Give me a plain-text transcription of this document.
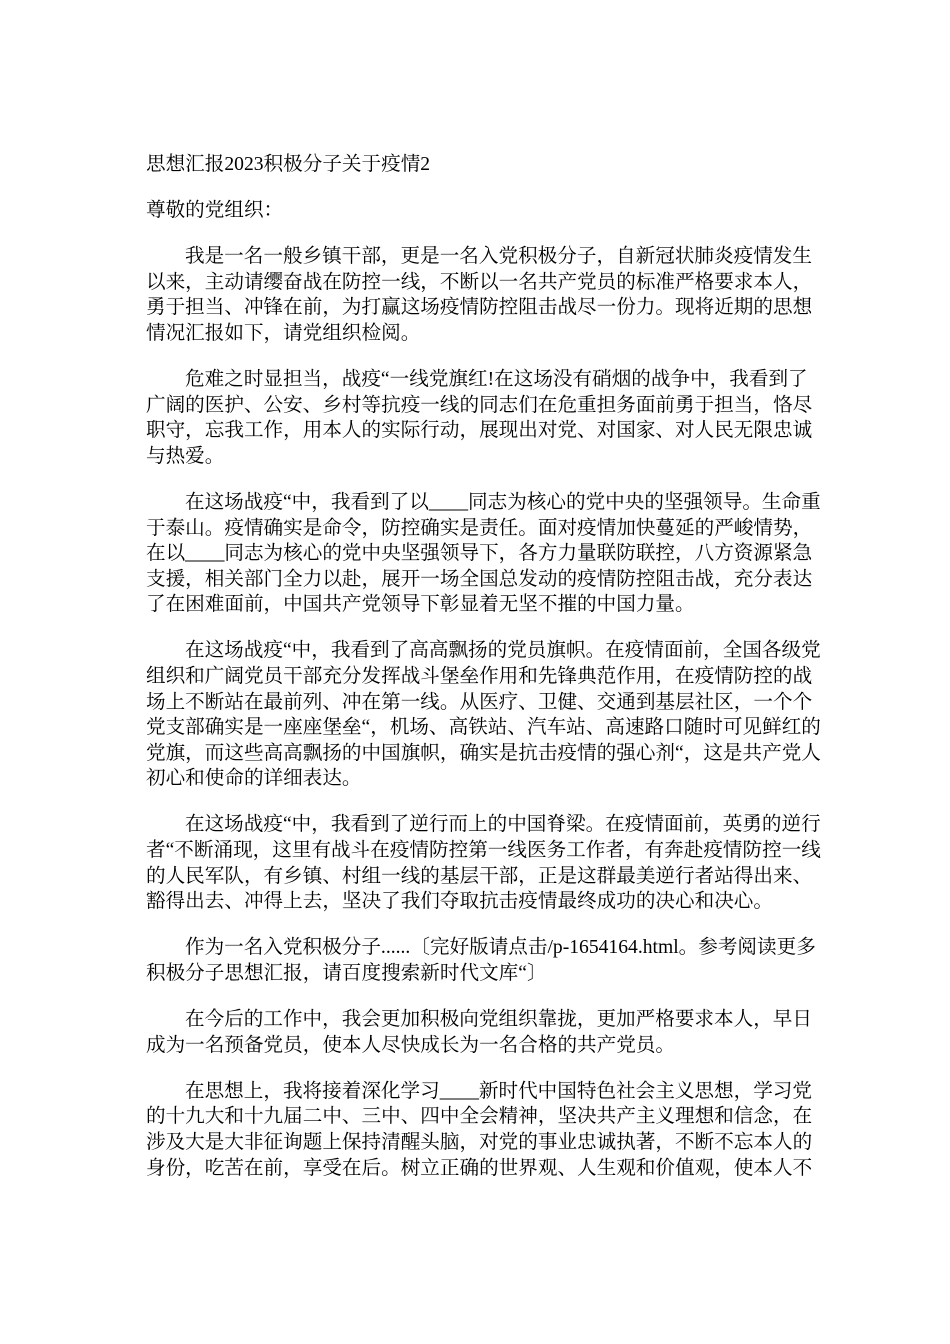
思想汇报2023积极分子关于疫情2
尊敬的党组织：
我是一名一般乡镇干部，更是一名入党积极分子，自新冠状肺炎疫情发生
以来，主动请缨奋战在防控一线，不断以一名共产党员的标准严格要求本人，
勇于担当、冲锋在前，为打赢这场疫情防控阻击战尽一份力。现将近期的思想
情况汇报如下，请党组织检阅。
危难之时显担当，战疫“一线党旗红!在这场没有硝烟的战争中，我看到了
广阔的医护、公安、乡村等抗疫一线的同志们在危重担务面前勇于担当，恪尽
职守，忘我工作，用本人的实际行动，展现出对党、对国家、对人民无限忠诚
与热爱。
在这场战疫“中，我看到了以____同志为核心的党中央的坚强领导。生命重
于泰山。疫情确实是命令，防控确实是责任。面对疫情加快蔓延的严峻情势，
在以____同志为核心的党中央坚强领导下，各方力量联防联控，八方资源紧急
支援，相关部门全力以赴，展开一场全国总发动的疫情防控阻击战，充分表达
了在困难面前，中国共产党领导下彰显着无坚不摧的中国力量。
在这场战疫“中，我看到了高高飘扬的党员旗帜。在疫情面前，全国各级党
组织和广阔党员干部充分发挥战斗堡垒作用和先锋典范作用，在疫情防控的战
场上不断站在最前列、冲在第一线。从医疗、卫健、交通到基层社区，一个个
党支部确实是一座座堡垒“，机场、高铁站、汽车站、高速路口随时可见鲜红的
党旗，而这些高高飘扬的中国旗帜，确实是抗击疫情的强心剂“，这是共产党人
初心和使命的详细表达。
在这场战疫“中，我看到了逆行而上的中国脊梁。在疫情面前，英勇的逆行
者“不断涌现，这里有战斗在疫情防控第一线医务工作者，有奔赴疫情防控一线
的人民军队，有乡镇、村组一线的基层干部，正是这群最美逆行者站得出来、
豁得出去、冲得上去，坚决了我们夺取抗击疫情最终成功的决心和决心。
作为一名入党积极分子......〔完好版请点击/p-1654164.html。参考阅读更多
积极分子思想汇报，请百度搜索新时代文库“〕
在今后的工作中，我会更加积极向党组织靠拢，更加严格要求本人，早日
成为一名预备党员，使本人尽快成长为一名合格的共产党员。
在思想上，我将接着深化学习____新时代中国特色社会主义思想，学习党
的十九大和十九届二中、三中、四中全会精神，坚决共产主义理想和信念，在
涉及大是大非征询题上保持清醒头脑，对党的事业忠诚执著，不断不忘本人的
身份，吃苦在前，享受在后。树立正确的世界观、人生观和价值观，使本人不
